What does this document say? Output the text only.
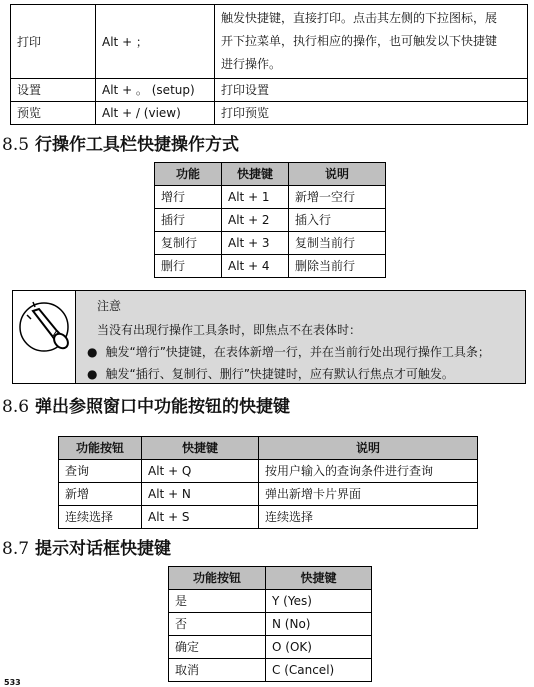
打印	Alt + ；	触发快捷键，直接打印。点击其左侧的下拉图标，展
开下拉菜单，执行相应的操作，也可触发以下快捷键
进行操作。

设置	Alt + 。 (setup)	打印设置
预览	Alt + / (view)	打印预览
8.5 行操作工具栏快捷操作方式
功能	快捷键	说明
增行	Alt + 1	新增一空行
插行	Alt + 2	插入行
复制行	Alt + 3	复制当前行
删行	Alt + 4	删除当前行
注意
当没有出现行操作工具条时，即焦点不在表体时：
● 触发“增行”快捷键，在表体新增一行，并在当前行处出现行操作工具条；
● 触发“插行、复制行、删行”快捷键时，应有默认行焦点才可触发。
8.6 弹出参照窗口中功能按钮的快捷键
功能按钮	快捷键	说明
查询	Alt + Q	按用户输入的查询条件进行查询
新增	Alt + N	弹出新增卡片界面
连续选择	Alt + S	连续选择
8.7 提示对话框快捷键
功能按钮	快捷键
是	Y (Yes)
否	N (No)
确定	O (OK)
取消	C (Cancel)
533
